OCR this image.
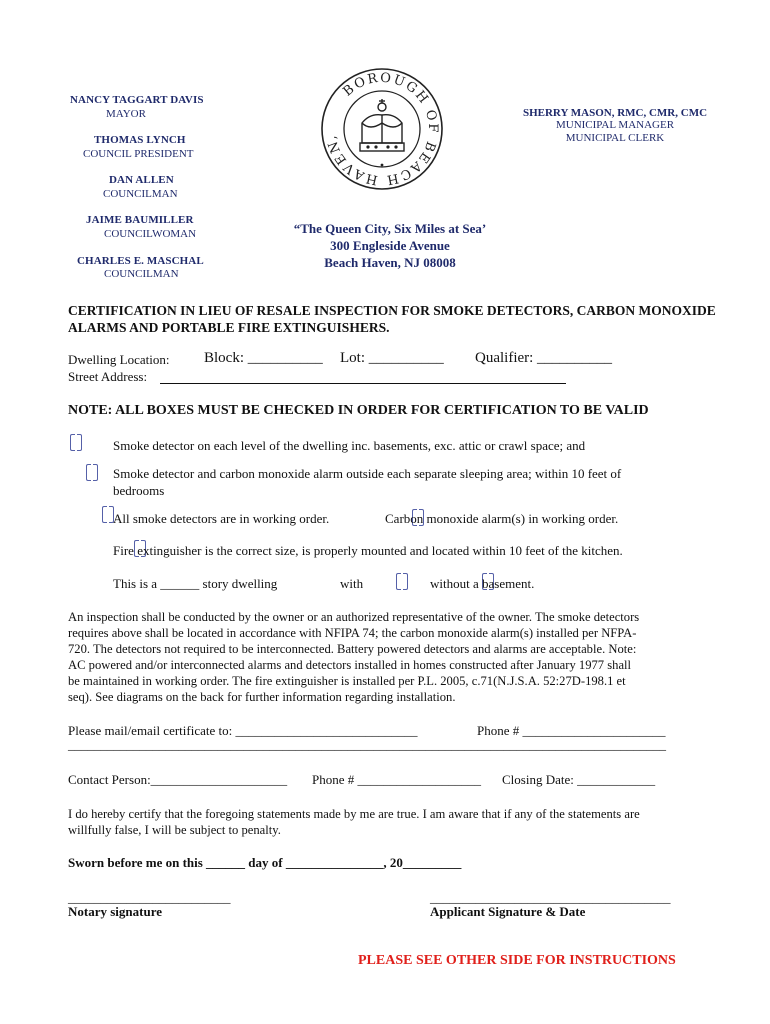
NANCY TAGGART DAVIS
MAYOR
THOMAS LYNCH
COUNCIL PRESIDENT
DAN ALLEN
COUNCILMAN
JAIME BAUMILLER
COUNCILWOMAN
CHARLES E. MASCHAL
COUNCILMAN
BOROUGH OF BEACH HAVEN,
SHERRY MASON, RMC, CMR, CMC
MUNICIPAL MANAGER
MUNICIPAL CLERK
“The Queen City, Six Miles at Sea’
300 Engleside Avenue
Beach Haven, NJ 08008
CERTIFICATION IN LIEU OF RESALE INSPECTION FOR SMOKE DETECTORS, CARBON MONOXIDE
ALARMS AND PORTABLE FIRE EXTINGUISHERS.
Dwelling Location: Block: __________ Lot: __________ Qualifier: __________
Street Address:
NOTE: ALL BOXES MUST BE CHECKED IN ORDER FOR CERTIFICATION TO BE VALID

Smoke detector on each level of the dwelling inc. basements, exc. attic or crawl space; and

Smoke detector and carbon monoxide alarm outside each separate sleeping area; within 10 feet of
bedrooms

All smoke detectors are in working order.
	Carbon monoxide alarm(s) in working order.

Fire extinguisher is the correct size, is properly mounted and located within 10 feet of the kitchen.
This is a ______ story dwelling
	with	without a basement.
An inspection shall be conducted by the owner or an authorized representative of the owner. The smoke detectors
requires above shall be located in accordance with NFIPA 74; the carbon monoxide alarm(s) installed per NFPA-
720. The detectors not required to be interconnected. Battery powered detectors and alarms are acceptable. Note:
AC powered and/or interconnected alarms and detectors installed in homes constructed after January 1977 shall
be maintained in working order. The fire extinguisher is installed per P.L. 2005, c.71(N.J.S.A. 52:27D-198.1 et
seq). See diagrams on the back for further information regarding installation.
Please mail/email certificate to: ____________________________	Phone # ______________________
____________________________________________________________________________________________
Contact Person:_____________________ Phone # ___________________ Closing Date: ____________
I do hereby certify that the foregoing statements made by me are true. I am aware that if any of the statements are
willfully false, I will be subject to penalty.
Sworn before me on this ______ day of _______________, 20_________
_________________________
Notary signature
_____________________________________
Applicant Signature & Date
PLEASE SEE OTHER SIDE FOR INSTRUCTIONS
